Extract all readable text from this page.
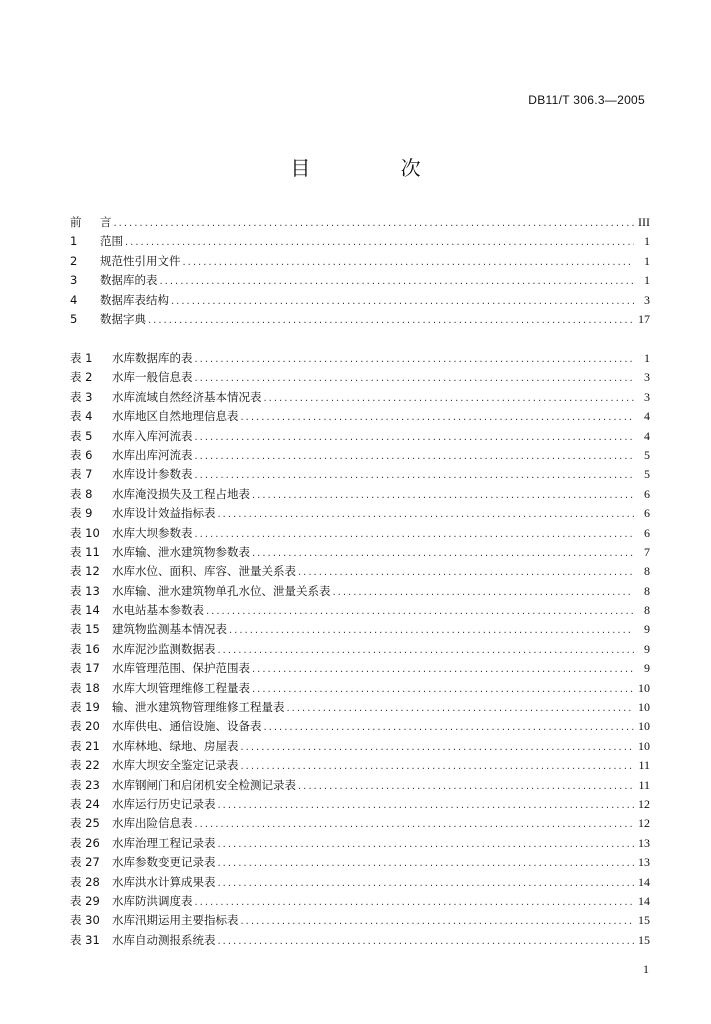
DB11/T 306.3—2005
目 次
前	言 .....	III
1	范围 .....	1
2	规范性引用文件 .....	1
3	数据库的表 .....	1
4	数据库表结构 .....	3
5	数据字典 .....	17
表 1	水库数据库的表 .....	1
表 2	水库一般信息表 .....	3
表 3	水库流域自然经济基本情况表 .....	3
表 4	水库地区自然地理信息表 .....	4
表 5	水库入库河流表 .....	4
表 6	水库出库河流表 .....	5
表 7	水库设计参数表 .....	5
表 8	水库淹没损失及工程占地表 .....	6
表 9	水库设计效益指标表 .....	6
表 10	水库大坝参数表 .....	6
表 11	水库输、泄水建筑物参数表 .....	7
表 12	水库水位、面积、库容、泄量关系表 .....	8
表 13	水库输、泄水建筑物单孔水位、泄量关系表 .....	8
表 14	水电站基本参数表 .....	8
表 15	建筑物监测基本情况表 .....	9
表 16	水库泥沙监测数据表 .....	9
表 17	水库管理范围、保护范围表 .....	9
表 18	水库大坝管理维修工程量表 .....	10
表 19	输、泄水建筑物管理维修工程量表 .....	10
表 20	水库供电、通信设施、设备表 .....	10
表 21	水库林地、绿地、房屋表 .....	10
表 22	水库大坝安全鉴定记录表 .....	11
表 23	水库钢闸门和启闭机安全检测记录表 .....	11
表 24	水库运行历史记录表 .....	12
表 25	水库出险信息表 .....	12
表 26	水库治理工程记录表 .....	13
表 27	水库参数变更记录表 .....	13
表 28	水库洪水计算成果表 .....	14
表 29	水库防洪调度表 .....	14
表 30	水库汛期运用主要指标表 .....	15
表 31	水库自动测报系统表 .....	15
1
